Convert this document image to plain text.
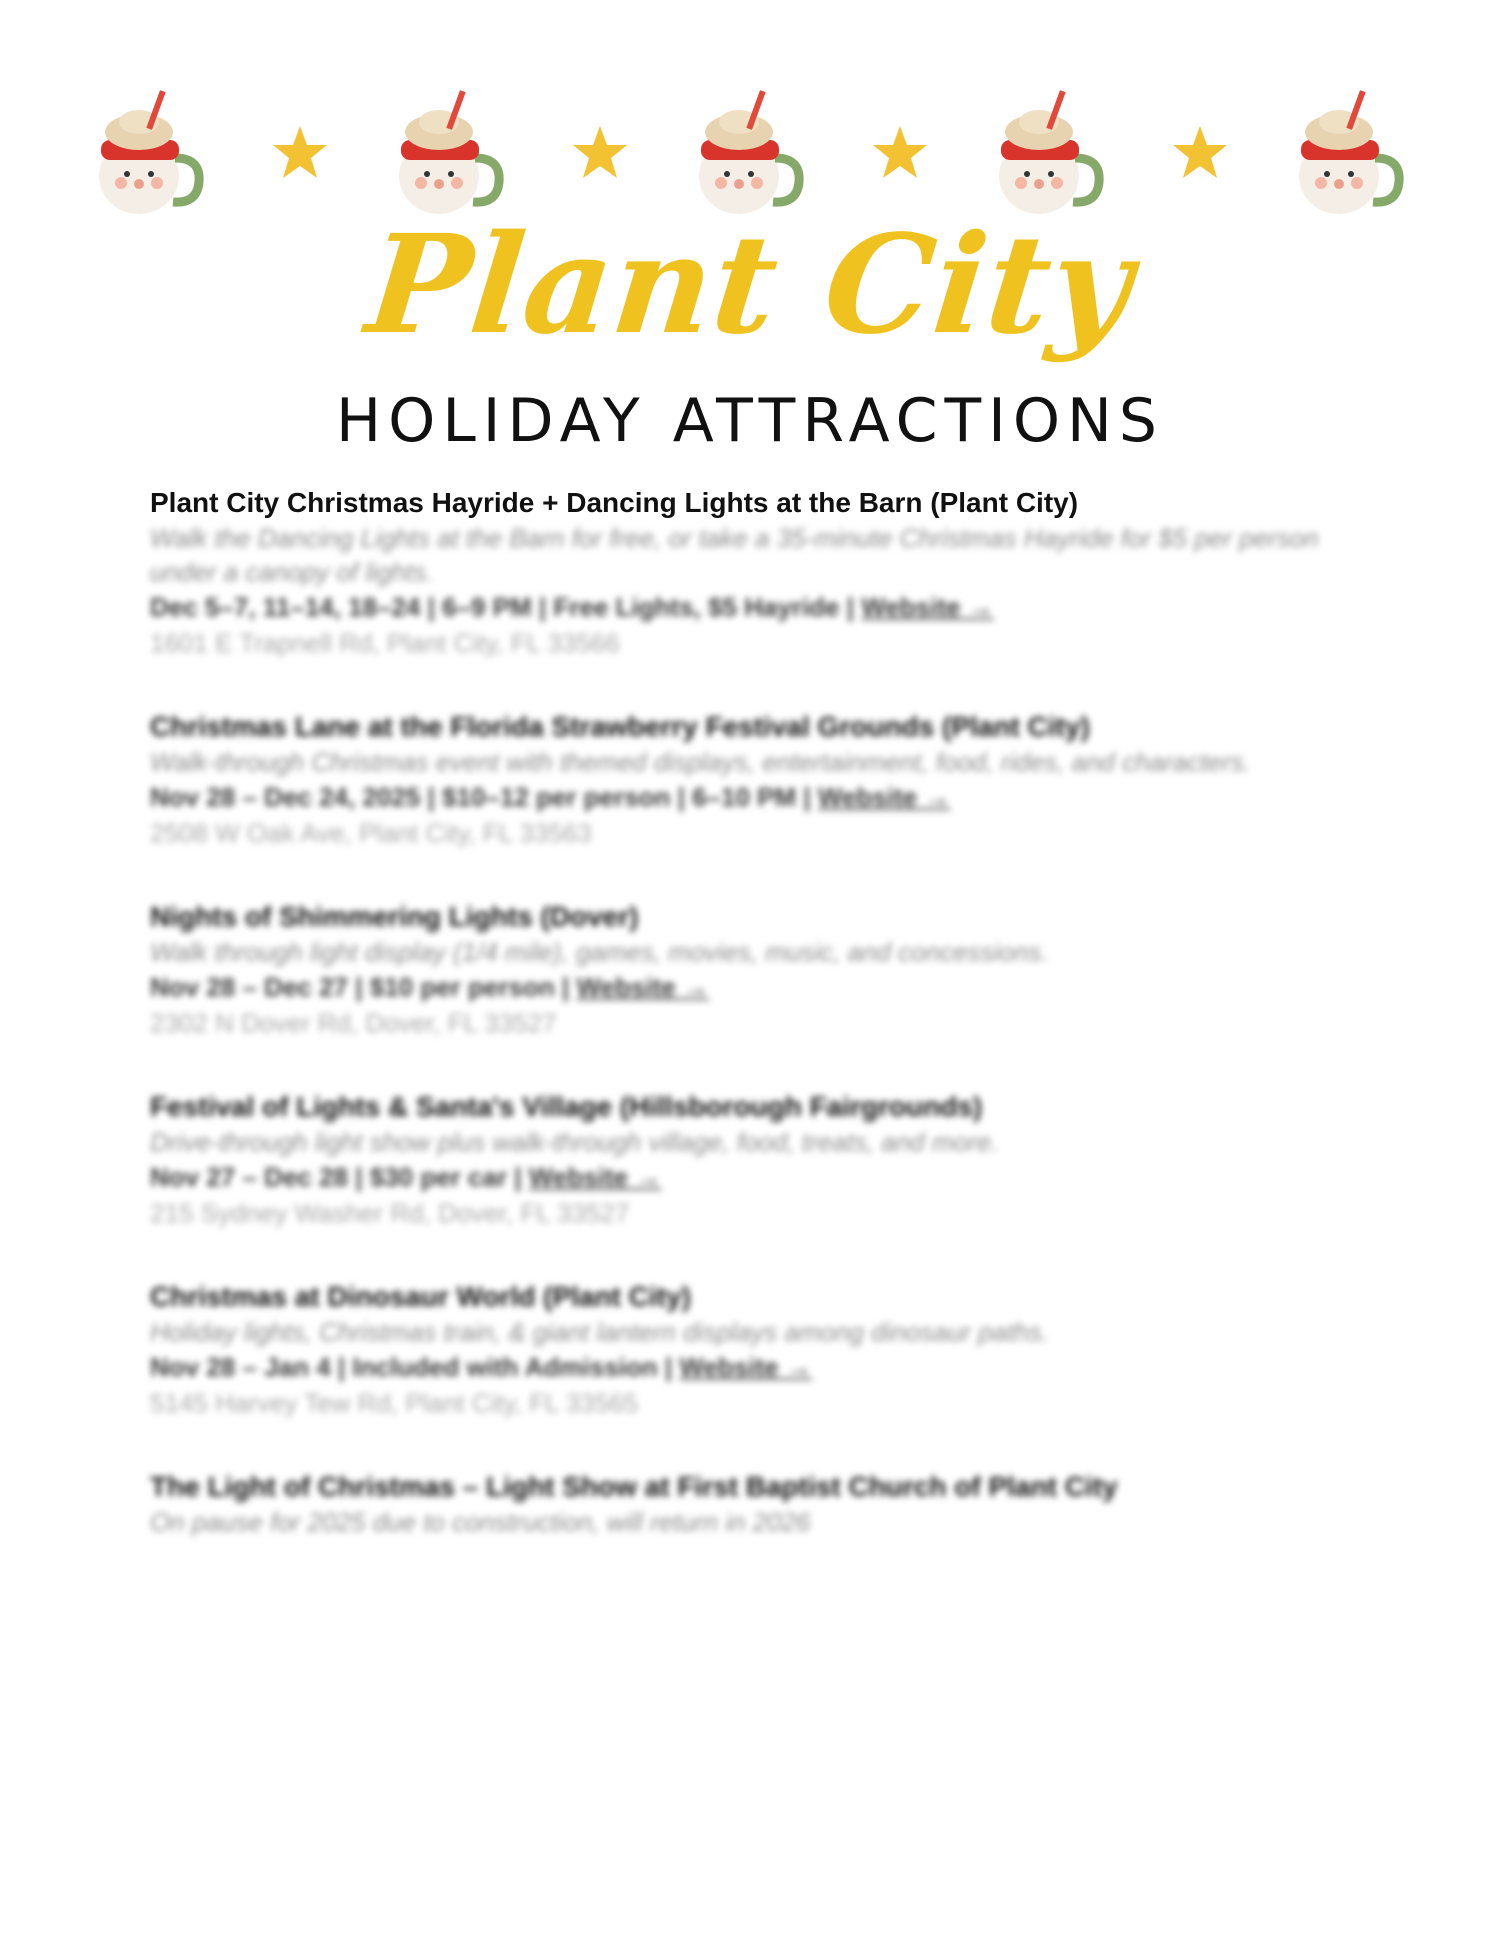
Plant City
HOLIDAY ATTRACTIONS
Plant City Christmas Hayride + Dancing Lights at the Barn (Plant City)
Walk the Dancing Lights at the Barn for free, or take a 35-minute Christmas Hayride for $5 per person under a canopy of lights.
Dec 5–7, 11–14, 18–24 | 6–9 PM | Free Lights, $5 Hayride | Website →
1601 E Trapnell Rd, Plant City, FL 33566
Christmas Lane at the Florida Strawberry Festival Grounds (Plant City)
Walk-through Christmas event with themed displays, entertainment, food, rides, and characters.
Nov 28 – Dec 24, 2025 | $10–12 per person | 6–10 PM | Website →
2508 W Oak Ave, Plant City, FL 33563
Nights of Shimmering Lights (Dover)
Walk through light display (1/4 mile), games, movies, music, and concessions.
Nov 28 – Dec 27 | $10 per person | Website →
2302 N Dover Rd, Dover, FL 33527
Festival of Lights & Santa's Village (Hillsborough Fairgrounds)
Drive-through light show plus walk-through village, food, treats, and more.
Nov 27 – Dec 28 | $30 per car | Website →
215 Sydney Washer Rd, Dover, FL 33527
Christmas at Dinosaur World (Plant City)
Holiday lights, Christmas train, & giant lantern displays among dinosaur paths.
Nov 28 – Jan 4 | Included with Admission | Website →
5145 Harvey Tew Rd, Plant City, FL 33565
The Light of Christmas – Light Show at First Baptist Church of Plant City
On pause for 2025 due to construction, will return in 2026
